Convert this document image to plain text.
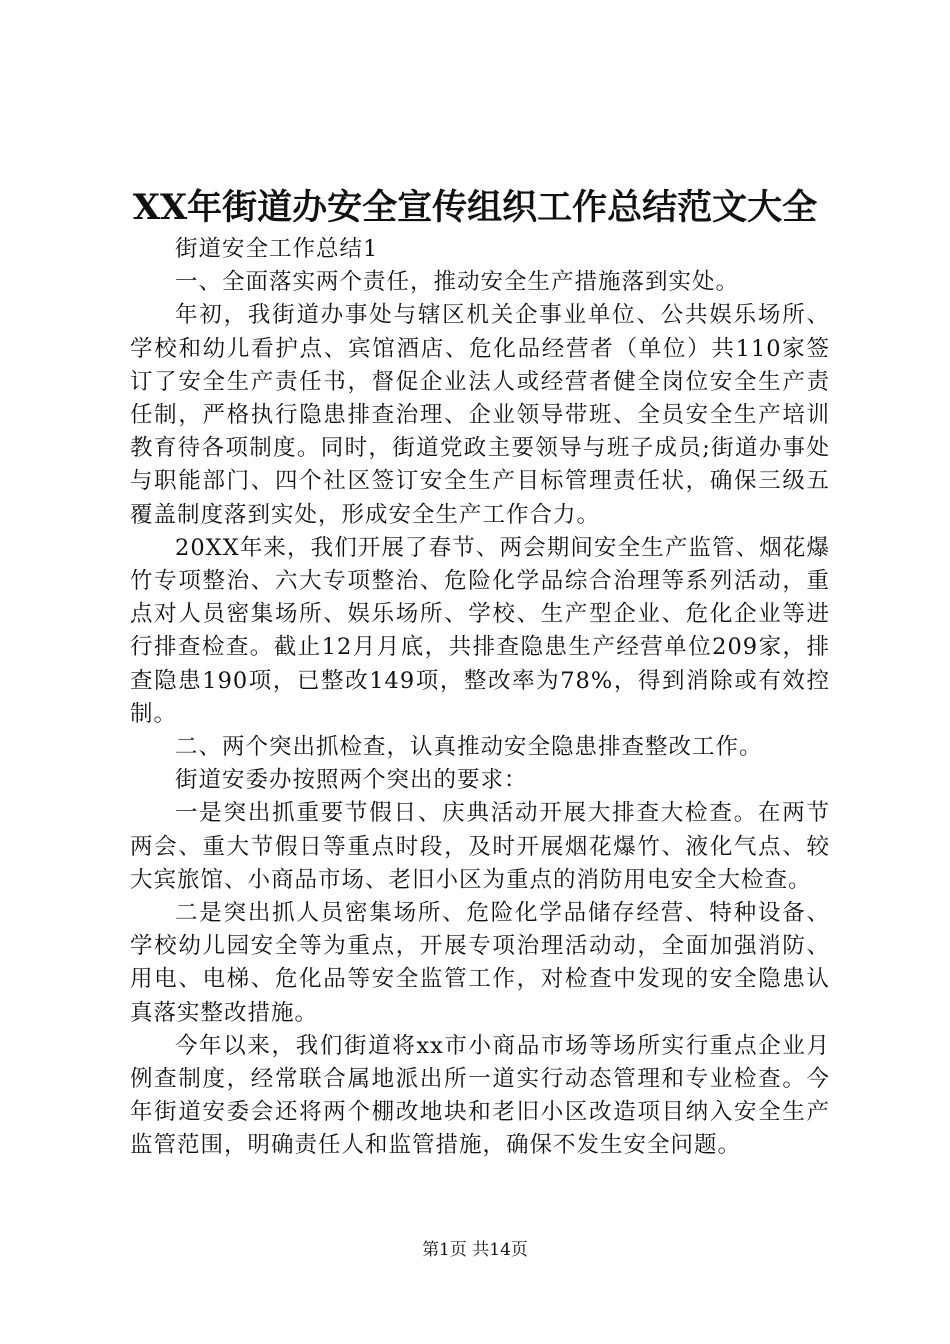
XX年街道办安全宣传组织工作总结范文大全

街道安全工作总结1

一、全面落实两个责任，推动安全生产措施落到实处。

年初，我街道办事处与辖区机关企事业单位、公共娱乐场所、学校和幼儿看护点、宾馆酒店、危化品经营者（单位）共110家签订了安全生产责任书，督促企业法人或经营者健全岗位安全生产责任制，严格执行隐患排查治理、企业领导带班、全员安全生产培训教育待各项制度。同时，街道党政主要领导与班子成员;街道办事处与职能部门、四个社区签订安全生产目标管理责任状，确保三级五覆盖制度落到实处，形成安全生产工作合力。

20XX年来，我们开展了春节、两会期间安全生产监管、烟花爆竹专项整治、六大专项整治、危险化学品综合治理等系列活动，重点对人员密集场所、娱乐场所、学校、生产型企业、危化企业等进行排查检查。截止12月月底，共排查隐患生产经营单位209家，排查隐患190项，已整改149项，整改率为78%，得到消除或有效控制。

二、两个突出抓检查，认真推动安全隐患排查整改工作。

街道安委办按照两个突出的要求：

一是突出抓重要节假日、庆典活动开展大排查大检查。在两节两会、重大节假日等重点时段，及时开展烟花爆竹、液化气点、较大宾旅馆、小商品市场、老旧小区为重点的消防用电安全大检查。

二是突出抓人员密集场所、危险化学品储存经营、特种设备、学校幼儿园安全等为重点，开展专项治理活动动，全面加强消防、用电、电梯、危化品等安全监管工作，对检查中发现的安全隐患认真落实整改措施。

今年以来，我们街道将xx市小商品市场等场所实行重点企业月例查制度，经常联合属地派出所一道实行动态管理和专业检查。今年街道安委会还将两个棚改地块和老旧小区改造项目纳入安全生产监管范围，明确责任人和监管措施，确保不发生安全问题。

第1页 共14页
